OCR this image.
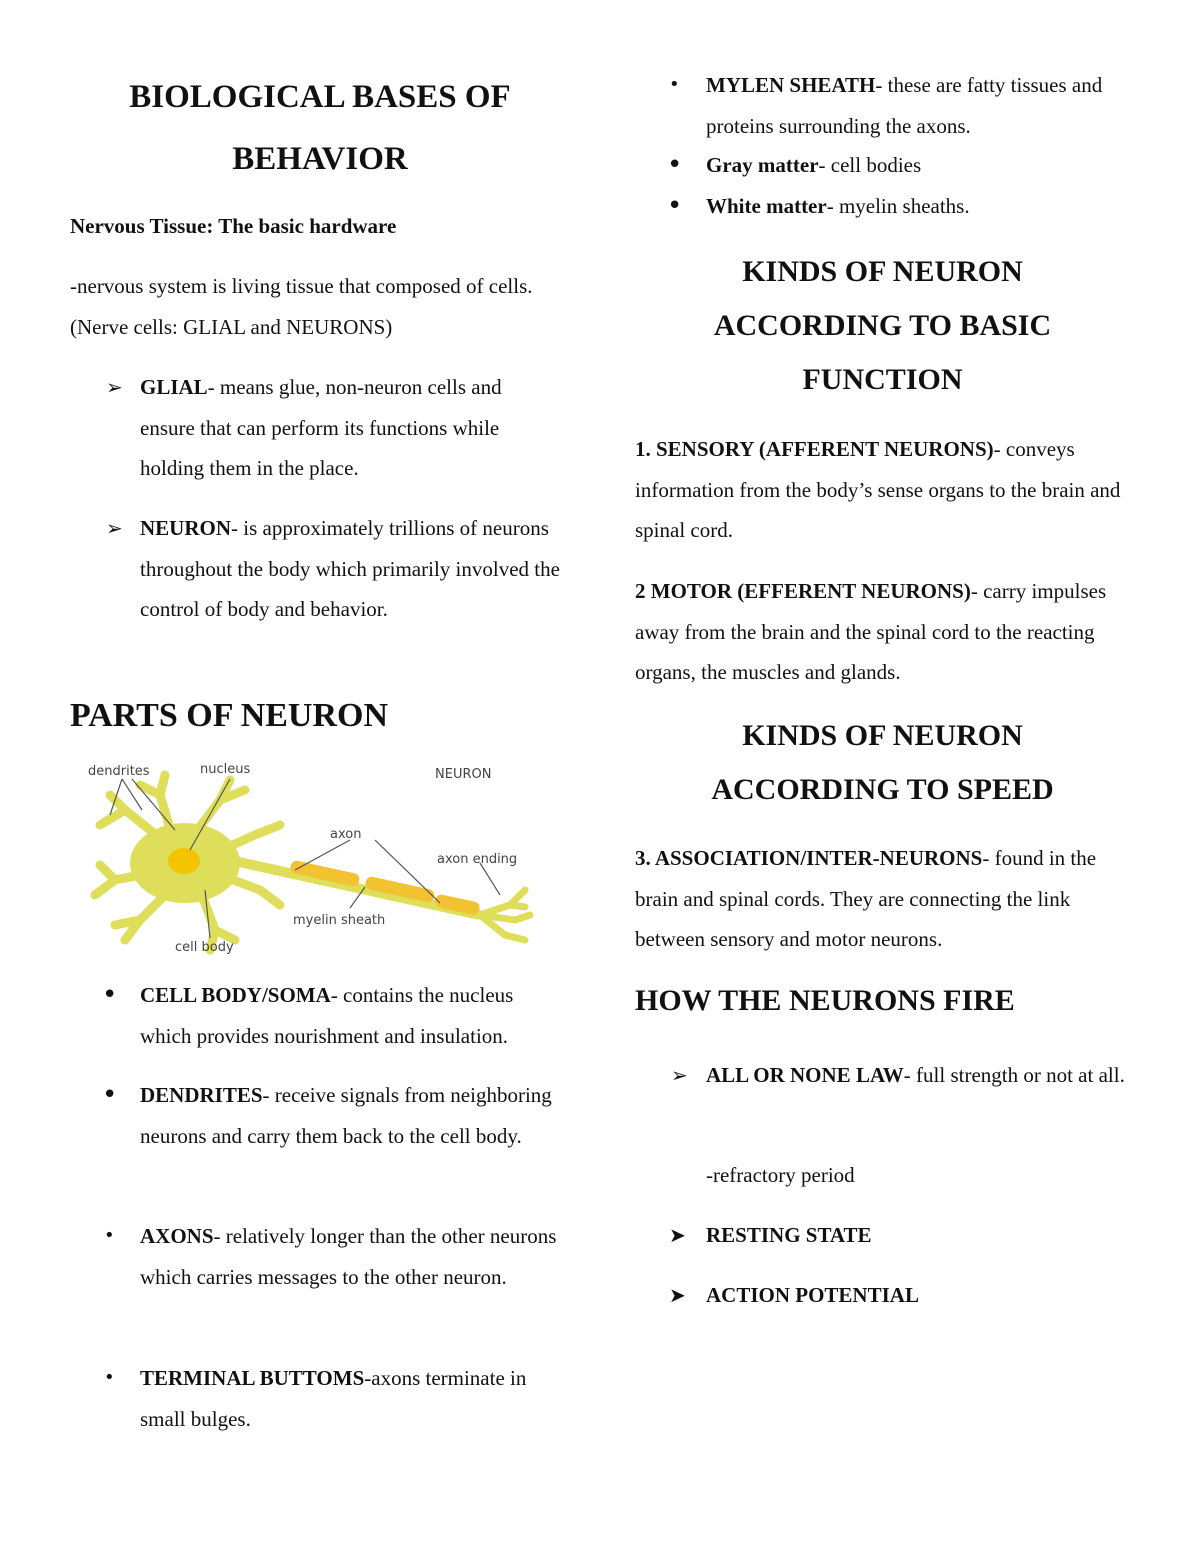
BIOLOGICAL BASES OF BEHAVIOR

Nervous Tissue: The basic hardware

-nervous system is living tissue that composed of cells. (Nerve cells: GLIAL and NEURONS)

➢ GLIAL- means glue, non-neuron cells and ensure that can perform its functions while holding them in the place.
➢ NEURON- is approximately trillions of neurons throughout the body which primarily involved the control of body and behavior.
PARTS OF NEURON
dendrites	nucleus	NEURON
axon
axon ending
myelin sheath
cell body
• CELL BODY/SOMA- contains the nucleus which provides nourishment and insulation.
• DENDRITES- receive signals from neighboring neurons and carry them back to the cell body.
• AXONS- relatively longer than the other neurons which carries messages to the other neuron.
• TERMINAL BUTTOMS-axons terminate in small bulges.
• MYLEN SHEATH- these are fatty tissues and proteins surrounding the axons.
• Gray matter- cell bodies
• White matter- myelin sheaths.
KINDS OF NEURON ACCORDING TO BASIC FUNCTION

1. SENSORY (AFFERENT NEURONS)- conveys information from the body’s sense organs to the brain and spinal cord.

2 MOTOR (EFFERENT NEURONS)- carry impulses away from the brain and the spinal cord to the reacting organs, the muscles and glands.

KINDS OF NEURON ACCORDING TO SPEED

3. ASSOCIATION/INTER-NEURONS- found in the brain and spinal cords. They are connecting the link between sensory and motor neurons.

HOW THE NEURONS FIRE
➢ ALL OR NONE LAW- full strength or not at all.

-refractory period

➤ RESTING STATE
➤ ACTION POTENTIAL
